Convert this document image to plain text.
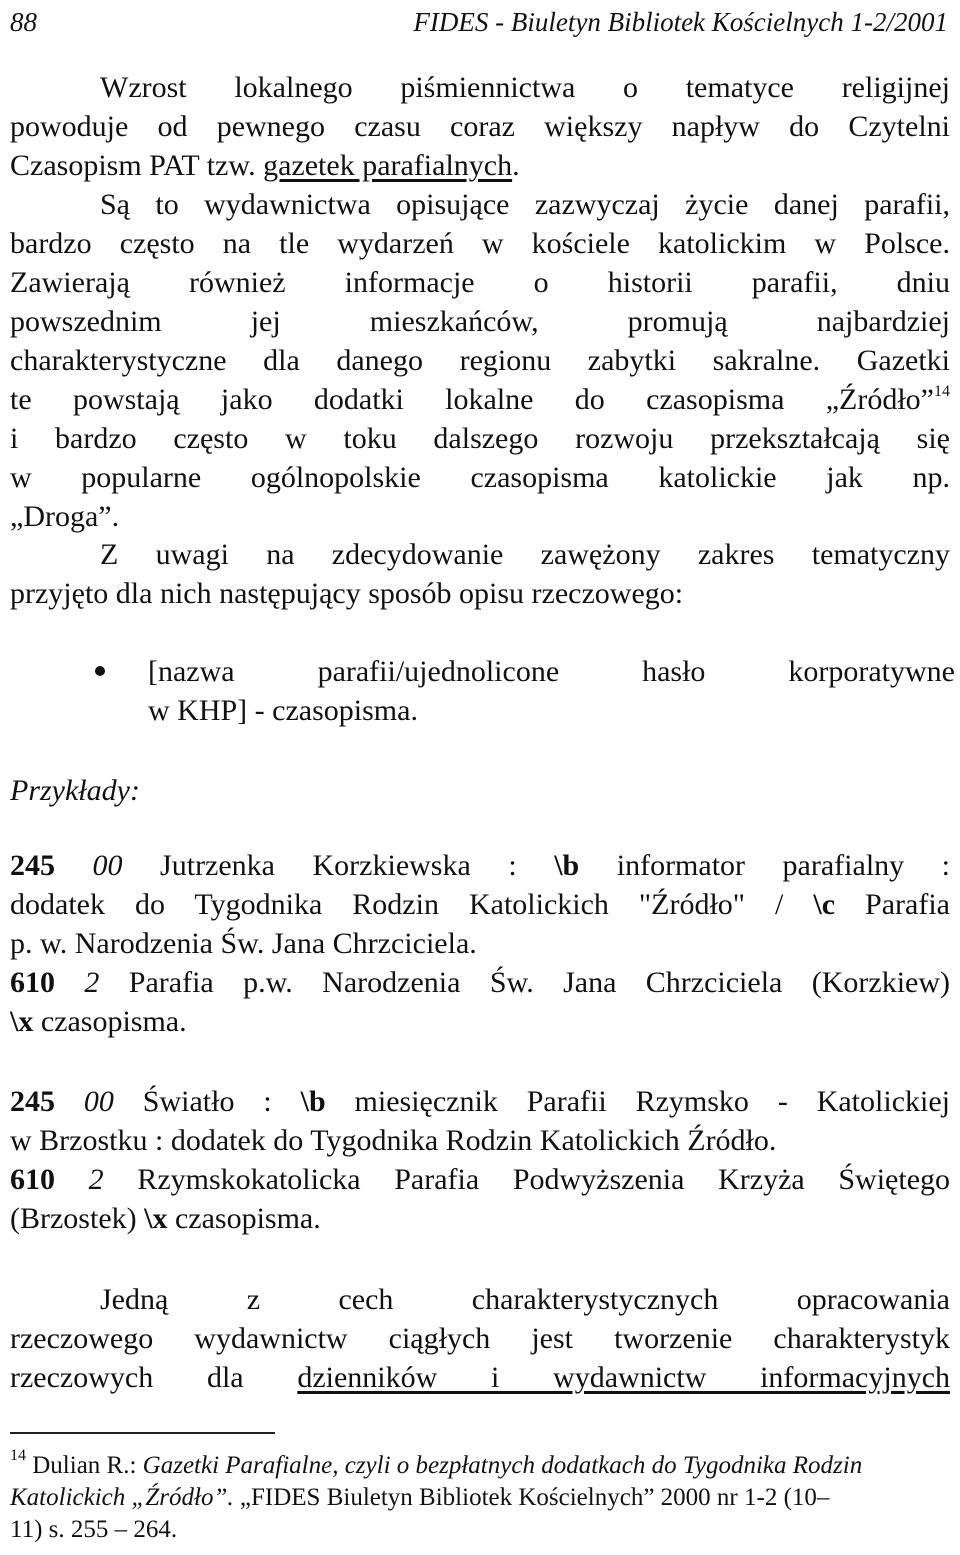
88	FIDES - Biuletyn Bibliotek Kościelnych 1-2/2001
Wzrost lokalnego piśmiennictwa o tematyce religijnej
powoduje od pewnego czasu coraz większy napływ do Czytelni
Czasopism PAT tzw. gazetek parafialnych.
Są to wydawnictwa opisujące zazwyczaj życie danej parafii,
bardzo często na tle wydarzeń w kościele katolickim w Polsce.
Zawierają również informacje o historii parafii, dniu
powszednim jej mieszkańców, promują najbardziej
charakterystyczne dla danego regionu zabytki sakralne. Gazetki
te powstają jako dodatki lokalne do czasopisma „Źródło”$^{14}$
i bardzo często w toku dalszego rozwoju przekształcają się
w popularne ogólnopolskie czasopisma katolickie jak np.
„Droga”.
Z uwagi na zdecydowanie zawężony zakres tematyczny
przyjęto dla nich następujący sposób opisu rzeczowego:
[nazwa parafii/ujednolicone hasło korporatywne
w KHP] - czasopisma.
Przykłady:
245 00 Jutrzenka Korzkiewska : \b informator parafialny :
dodatek do Tygodnika Rodzin Katolickich "Źródło" / \c Parafia
p. w. Narodzenia Św. Jana Chrzciciela.
610 2 Parafia p.w. Narodzenia Św. Jana Chrzciciela (Korzkiew)
\x czasopisma.
245 00 Światło : \b miesięcznik Parafii Rzymsko - Katolickiej
w Brzostku : dodatek do Tygodnika Rodzin Katolickich Źródło.
610 2 Rzymskokatolicka Parafia Podwyższenia Krzyża Świętego
(Brzostek) \x czasopisma.
Jedną z cech charakterystycznych opracowania
rzeczowego wydawnictw ciągłych jest tworzenie charakterystyk
rzeczowych dla dzienników i wydawnictw informacyjnych
$^{14}$ Dulian R.: Gazetki Parafialne, czyli o bezpłatnych dodatkach do Tygodnika Rodzin
Katolickich „Źródło”. „FIDES Biuletyn Bibliotek Kościelnych” 2000 nr 1-2 (10–
11) s. 255 – 264.
